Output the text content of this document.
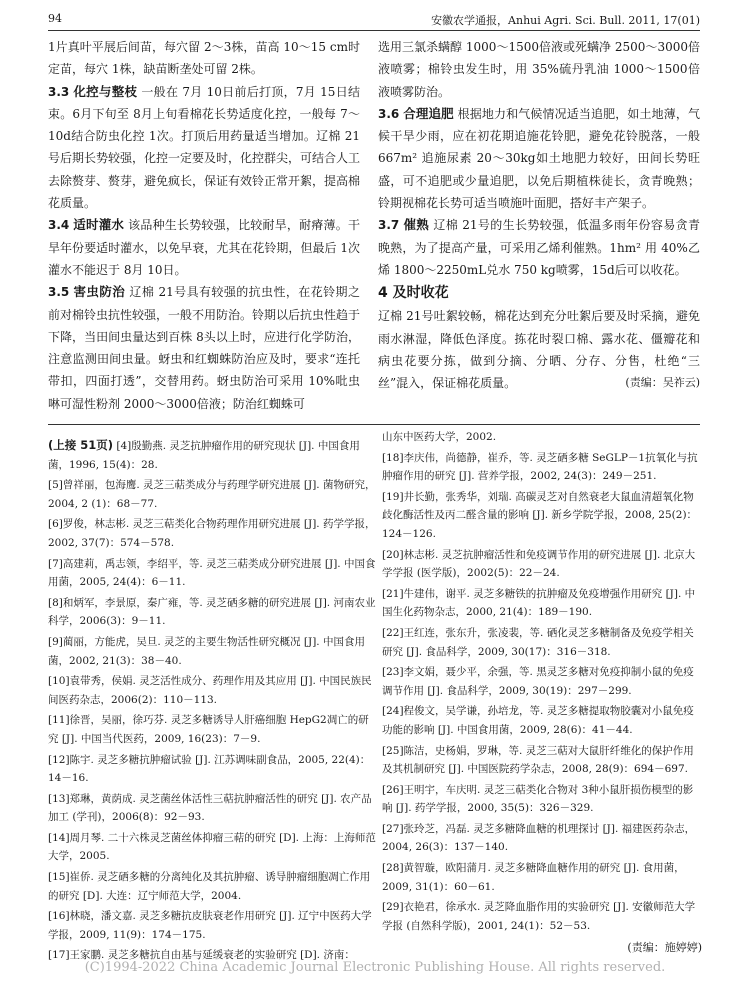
94	安徽农学通报，Anhui Agri. Sci. Bull. 2011, 17(01)

1片真叶平展后间苗，每穴留 2～3株，苗高 10～15 cm时定苗，每穴 1株，缺苗断垄处可留 2株。

3.3 化控与整枝 一般在 7月 10日前后打顶，7月 15日结束。6月下旬至 8月上旬看棉花长势适度化控，一般每 7～10d结合防虫化控 1次。打顶后用药量适当增加。辽棉 21号后期长势较强，化控一定要及时，化控群尖，可结合人工去除赘芽、赘芽，避免疯长，保证有效铃正常开絮，提高棉花质量。

3.4 适时灌水 该品种生长势较强，比较耐旱，耐瘠薄。干旱年份要适时灌水，以免早衰，尤其在花铃期，但最后 1次灌水不能迟于 8月 10日。

3.5 害虫防治 辽棉 21号具有较强的抗虫性，在花铃期之前对棉铃虫抗性较强，一般不用防治。铃期以后抗虫性趋于下降，当田间虫量达到百株 8头以上时，应进行化学防治，注意监测田间虫量。蚜虫和红蜘蛛防治应及时，要求“连托带扣，四面打透”，交替用药。蚜虫防治可采用 10%吡虫啉可湿性粉剂 2000～3000倍液；防治红蜘蛛可

选用三氯杀螨醇 1000～1500倍液或死螨净 2500～3000倍液喷雾；棉铃虫发生时，用 35%硫丹乳油 1000～1500倍液喷雾防治。

3.6 合理追肥 根据地力和气候情况适当追肥，如土地薄，气候干旱少雨，应在初花期追施花铃肥，避免花铃脱落，一般 667m² 追施尿素 20～30kg如土地肥力较好，田间长势旺盛，可不追肥或少量追肥，以免后期植株徒长，贪青晚熟；铃期视棉花长势可适当喷施叶面肥，搭好丰产架子。

3.7 催熟 辽棉 21号的生长势较强，低温多雨年份容易贪青晚熟，为了提高产量，可采用乙烯利催熟。1hm² 用 40%乙烯 1800～2250mL兑水 750 kg喷雾，15d后可以收花。

4 及时收花

辽棉 21号吐絮较畅，棉花达到充分吐絮后要及时采摘，避免雨水淋湿，降低色泽度。拣花时裂口棉、露水花、僵瓣花和病虫花要分拣，做到分摘、分晒、分存、分售，杜绝“三丝”混入，保证棉花质量。	(责编：吴祚云)

(上接 51页) [4]殷勤燕. 灵芝抗肿瘤作用的研究现状 [J]. 中国食用菌，1996, 15(4)：28.
[5]曾祥丽，包海鹰. 灵芝三萜类成分与药理学研究进展 [J]. 菌物研究，2004, 2 (1)：68－77.
[6]罗俊，林志彬. 灵芝三萜类化合物药理作用研究进展 [J]. 药学学报，2002, 37(7)：574－578.
[7]高建莉，禹志领，李绍平，等. 灵芝三萜类成分研究进展 [J]. 中国食用菌，2005, 24(4)：6－11.
[8]和炳军，李景原，秦广雍，等. 灵芝硒多糖的研究进展 [J]. 河南农业科学，2006(3)：9－11.
[9]蔺丽，方能虎，吴旦. 灵芝的主要生物活性研究概况 [J]. 中国食用菌，2002, 21(3)：38－40.
[10]袁带秀，侯娟. 灵芝活性成分、药理作用及其应用 [J]. 中国民族民间医药杂志，2006(2)：110－113.
[11]徐晋，吴丽，徐巧芬. 灵芝多糖诱导人肝癌细胞 HepG2凋亡的研究 [J]. 中国当代医药，2009, 16(23)：7－9.
[12]陈宇. 灵芝多糖抗肿瘤试验 [J]. 江苏调味副食品，2005, 22(4)：14－16.
[13]郑琳，黄荫成. 灵芝菌丝体活性三萜抗肿瘤活性的研究 [J]. 农产品加工 (学刊)，2006(8)：92－93.
[14]周月琴. 二十六株灵芝菌丝体抑瘤三萜的研究 [D]. 上海：上海师范大学，2005.
[15]崔侨. 灵芝硒多糖的分离纯化及其抗肿瘤、诱导肿瘤细胞凋亡作用的研究 [D]. 大连：辽宁师范大学，2004.
[16]林晓，潘文嘉. 灵芝多糖抗皮肤衰老作用研究 [J]. 辽宁中医药大学学报，2009, 11(9)：174－175.
[17]王家鹏. 灵芝多糖抗自由基与延缓衰老的实验研究 [D]. 济南：
山东中医药大学，2002.
[18]李庆伟，尚德静，崔乔，等. 灵芝硒多糖 SeGLP－1抗氧化与抗肿瘤作用的研究 [J]. 营养学报，2002, 24(3)：249－251.
[19]井长勤，张秀华，刘瑞. 高碳灵芝对自然衰老大鼠血清超氧化物歧化酶活性及丙二醛含量的影响 [J]. 新乡学院学报，2008, 25(2)：124－126.
[20]林志彬. 灵芝抗肿瘤活性和免疫调节作用的研究进展 [J]. 北京大学学报 (医学版)，2002(5)：22－24.
[21]牛建伟，谢平. 灵芝多糖铁的抗肿瘤及免疫增强作用研究 [J]. 中国生化药物杂志，2000, 21(4)：189－190.
[22]王红连，张东升，张凌裴，等. 硒化灵芝多糖制备及免疫学相关研究 [J]. 食品科学，2009, 30(17)：316－318.
[23]李文娟，聂少平，余强，等. 黑灵芝多糖对免疫抑制小鼠的免疫调节作用 [J]. 食品科学，2009, 30(19)：297－299.
[24]程俊文，吴学谦，孙培龙，等. 灵芝多糖提取物胶囊对小鼠免疫功能的影响 [J]. 中国食用菌，2009, 28(6)：41－44.
[25]陈洁，史杨娟，罗琳，等. 灵芝三萜对大鼠肝纤维化的保护作用及其机制研究 [J]. 中国医院药学杂志，2008, 28(9)：694－697.
[26]王明宇，车庆明. 灵芝三萜类化合物对 3种小鼠肝损伤模型的影响 [J]. 药学学报，2000, 35(5)：326－329.
[27]张玲芝，冯磊. 灵芝多糖降血糖的机理探讨 [J]. 福建医药杂志，2004, 26(3)：137－140.
[28]黄智璇，欧阳蒲月. 灵芝多糖降血糖作用的研究 [J]. 食用菌，2009, 31(1)：60－61.
[29]衣艳君，徐承水. 灵芝降血脂作用的实验研究 [J]. 安徽师范大学学报 (自然科学版)，2001, 24(1)：52－53.
(责编：施婷婷)
(C)1994-2022 China Academic Journal Electronic Publishing House. All rights reserved.
